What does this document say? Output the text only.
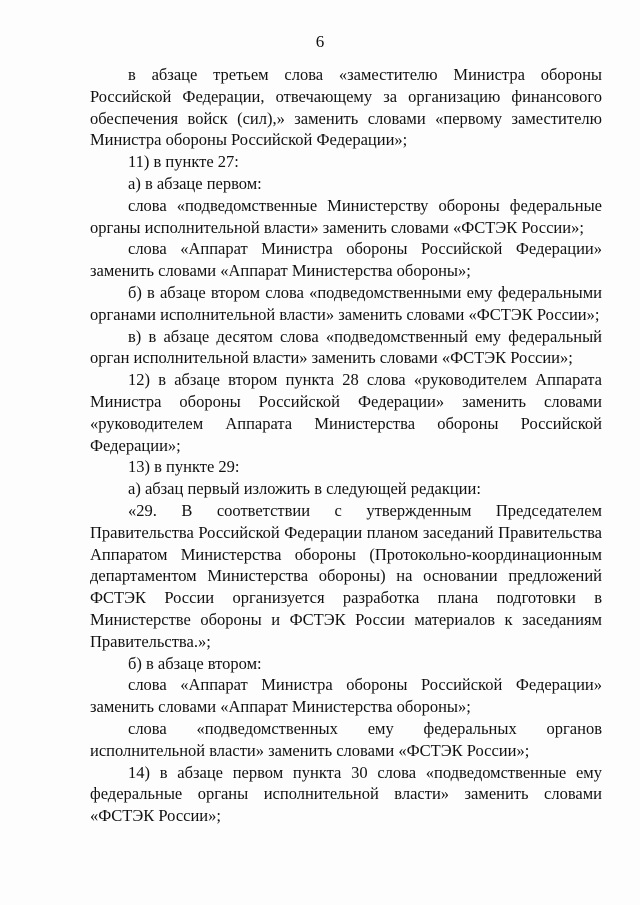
6

в абзаце третьем слова «заместителю Министра обороны Российской Федерации, отвечающему за организацию финансового обеспечения войск (сил),» заменить словами «первому заместителю Министра обороны Российской Федерации»;

11) в пункте 27:

а) в абзаце первом:

слова «подведомственные Министерству обороны федеральные органы исполнительной власти» заменить словами «ФСТЭК России»;

слова «Аппарат Министра обороны Российской Федерации» заменить словами «Аппарат Министерства обороны»;

б) в абзаце втором слова «подведомственными ему федеральными органами исполнительной власти» заменить словами «ФСТЭК России»;

в) в абзаце десятом слова «подведомственный ему федеральный орган исполнительной власти» заменить словами «ФСТЭК России»;

12) в абзаце втором пункта 28 слова «руководителем Аппарата Министра обороны Российской Федерации» заменить словами «руководителем Аппарата Министерства обороны Российской Федерации»;

13) в пункте 29:

а) абзац первый изложить в следующей редакции:

«29. В соответствии с утвержденным Председателем Правительства Российской Федерации планом заседаний Правительства Аппаратом Министерства обороны (Протокольно-координационным департаментом Министерства обороны) на основании предложений ФСТЭК России организуется разработка плана подготовки в Министерстве обороны и ФСТЭК России материалов к заседаниям Правительства.»;

б) в абзаце втором:

слова «Аппарат Министра обороны Российской Федерации» заменить словами «Аппарат Министерства обороны»;

слова «подведомственных ему федеральных органов исполнительной власти» заменить словами «ФСТЭК России»;

14) в абзаце первом пункта 30 слова «подведомственные ему федеральные органы исполнительной власти» заменить словами «ФСТЭК России»;
